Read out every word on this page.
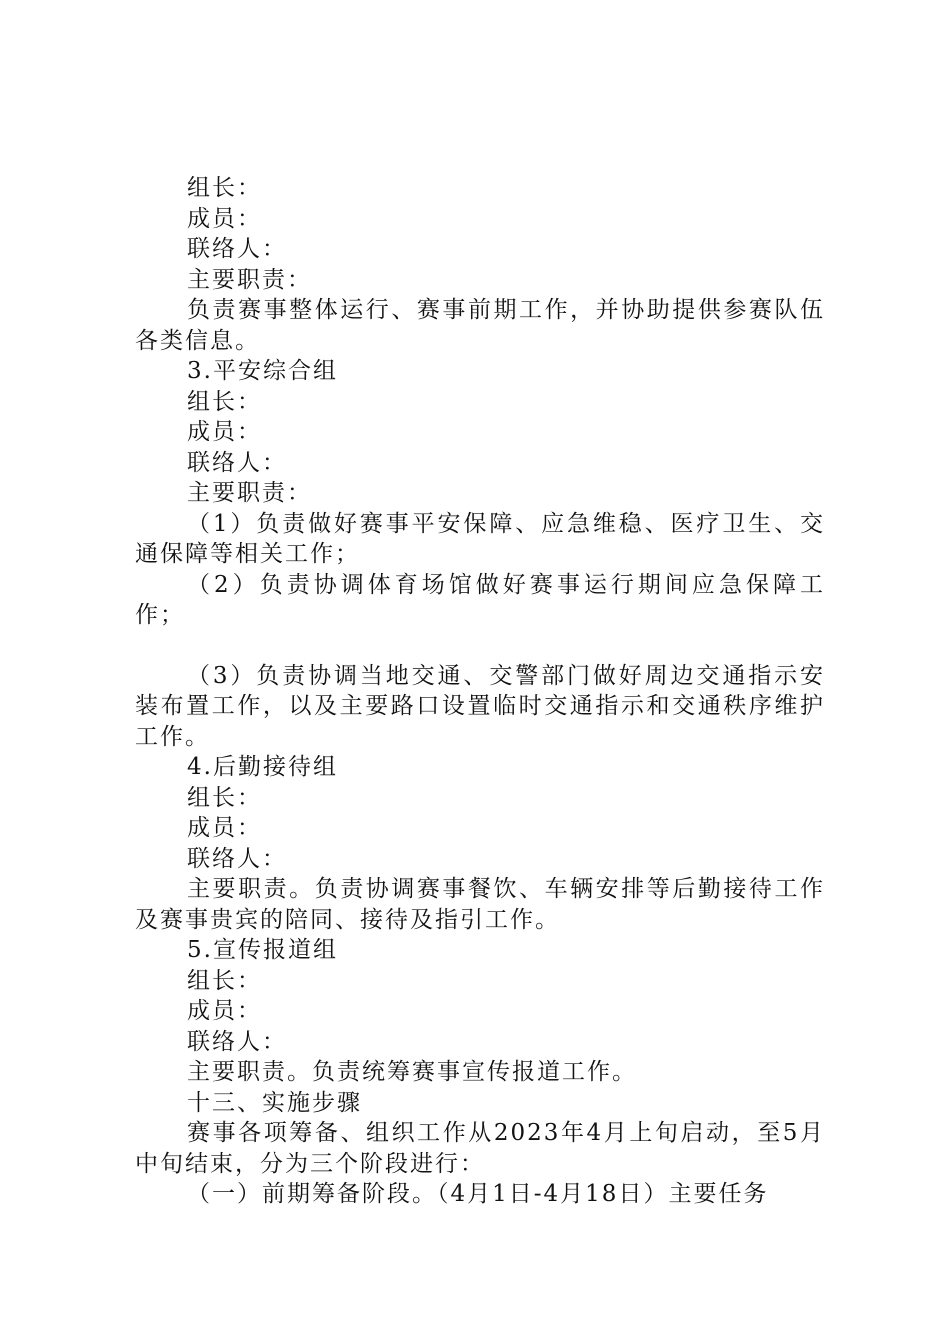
组长：

成员：

联络人：

主要职责：

负责赛事整体运行、赛事前期工作，并协助提供参赛队伍各类信息。

3.平安综合组

组长：

成员：

联络人：

主要职责：

（1）负责做好赛事平安保障、应急维稳、医疗卫生、交通保障等相关工作；

（2）负责协调体育场馆做好赛事运行期间应急保障工作；

（3）负责协调当地交通、交警部门做好周边交通指示安装布置工作，以及主要路口设置临时交通指示和交通秩序维护工作。

4.后勤接待组

组长：

成员：

联络人：

主要职责。负责协调赛事餐饮、车辆安排等后勤接待工作及赛事贵宾的陪同、接待及指引工作。

5.宣传报道组

组长：

成员：

联络人：

主要职责。负责统筹赛事宣传报道工作。

十三、实施步骤

赛事各项筹备、组织工作从2023年4月上旬启动，至5月中旬结束，分为三个阶段进行：

（一）前期筹备阶段。（4月1日-4月18日）主要任务
